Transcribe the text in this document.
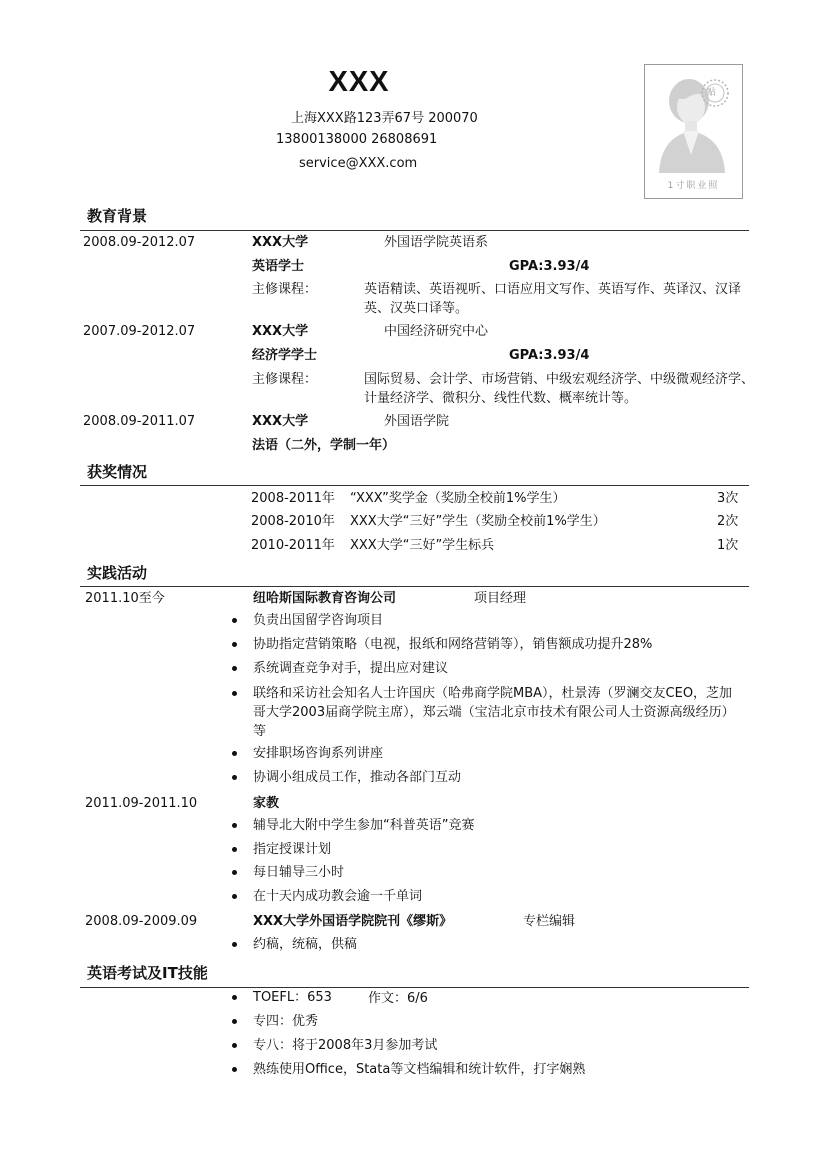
XXX
上海XXX路123弄67号 200070
13800138000 26808691
service@XXX.com
贴
1寸职业照
教育背景
2008.09-2012.07	XXX大学	外国语学院英语系
英语学士	GPA:3.93/4
主修课程：	英语精读、英语视听、口语应用文写作、英语写作、英译汉、汉译英、汉英口译等。
2007.09-2012.07	XXX大学	中国经济研究中心
经济学学士	GPA:3.93/4
主修课程：	国际贸易、会计学、市场营销、中级宏观经济学、中级微观经济学、计量经济学、微积分、线性代数、概率统计等。
2008.09-2011.07	XXX大学	外国语学院
法语（二外，学制一年）
获奖情况
2008-2011年 “XXX”奖学金（奖励全校前1%学生）	3次
2008-2010年 XXX大学“三好”学生（奖励全校前1%学生）	2次
2010-2011年 XXX大学“三好”学生标兵	1次
实践活动
2011.10至今	纽哈斯国际教育咨询公司	项目经理
负责出国留学咨询项目
协助指定营销策略（电视，报纸和网络营销等），销售额成功提升28%
系统调查竞争对手，提出应对建议
联络和采访社会知名人士许国庆（哈弗商学院MBA），杜景涛（罗澜交友CEO，芝加哥大学2003届商学院主席），郑云端（宝洁北京市技术有限公司人士资源高级经历）等
安排职场咨询系列讲座
协调小组成员工作，推动各部门互动
2011.09-2011.10	家教
辅导北大附中学生参加“科普英语”竞赛
指定授课计划
每日辅导三小时
在十天内成功教会逾一千单词
2008.09-2009.09	XXX大学外国语学院院刊《缪斯》	专栏编辑
约稿，统稿，供稿
英语考试及IT技能
TOEFL：653	作文：6/6
专四：优秀
专八：将于2008年3月参加考试
熟练使用Office，Stata等文档编辑和统计软件，打字娴熟
